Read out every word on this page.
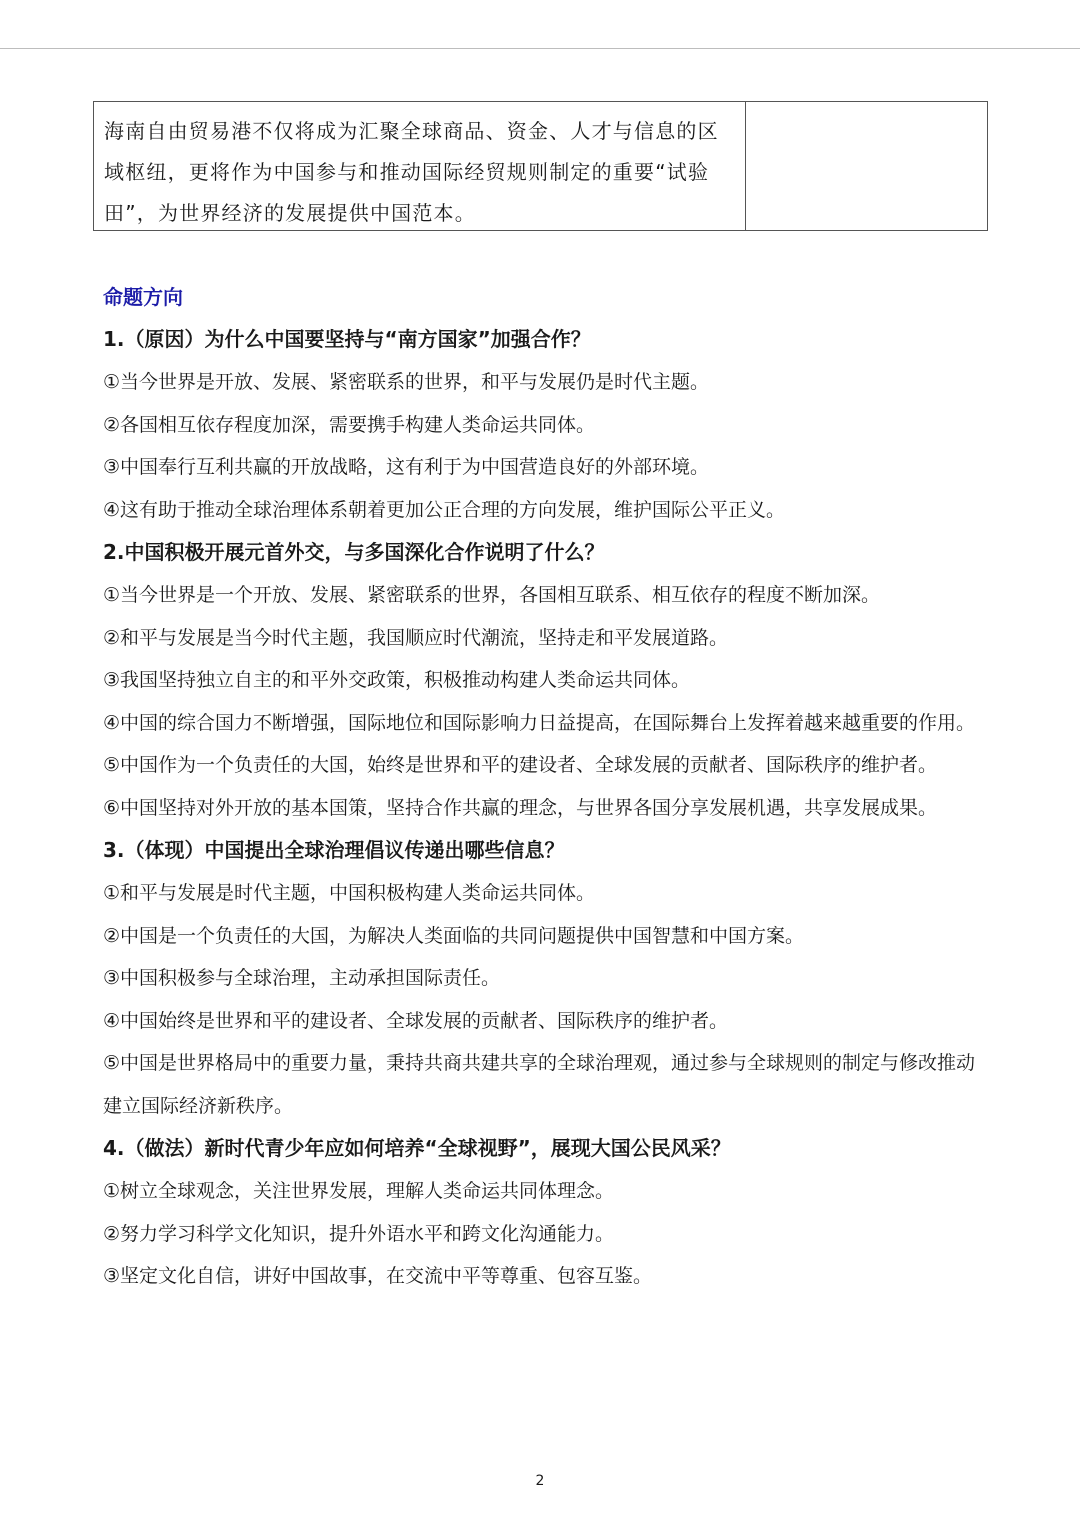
海南自由贸易港不仅将成为汇聚全球商品、资金、人才与信息的区域枢纽，更将作为中国参与和推动国际经贸规则制定的重要“试验田”，为世界经济的发展提供中国范本。
命题方向
1.（原因）为什么中国要坚持与“南方国家”加强合作？
①当今世界是开放、发展、紧密联系的世界，和平与发展仍是时代主题。
②各国相互依存程度加深，需要携手构建人类命运共同体。
③中国奉行互利共赢的开放战略，这有利于为中国营造良好的外部环境。
④这有助于推动全球治理体系朝着更加公正合理的方向发展，维护国际公平正义。
2.中国积极开展元首外交，与多国深化合作说明了什么？
①当今世界是一个开放、发展、紧密联系的世界，各国相互联系、相互依存的程度不断加深。
②和平与发展是当今时代主题，我国顺应时代潮流，坚持走和平发展道路。
③我国坚持独立自主的和平外交政策，积极推动构建人类命运共同体。
④中国的综合国力不断增强，国际地位和国际影响力日益提高，在国际舞台上发挥着越来越重要的作用。
⑤中国作为一个负责任的大国，始终是世界和平的建设者、全球发展的贡献者、国际秩序的维护者。
⑥中国坚持对外开放的基本国策，坚持合作共赢的理念，与世界各国分享发展机遇，共享发展成果。
3.（体现）中国提出全球治理倡议传递出哪些信息？
①和平与发展是时代主题，中国积极构建人类命运共同体。
②中国是一个负责任的大国，为解决人类面临的共同问题提供中国智慧和中国方案。
③中国积极参与全球治理，主动承担国际责任。
④中国始终是世界和平的建设者、全球发展的贡献者、国际秩序的维护者。
⑤中国是世界格局中的重要力量，秉持共商共建共享的全球治理观，通过参与全球规则的制定与修改推动建立国际经济新秩序。
4.（做法）新时代青少年应如何培养“全球视野”，展现大国公民风采？
①树立全球观念，关注世界发展，理解人类命运共同体理念。
②努力学习科学文化知识，提升外语水平和跨文化沟通能力。
③坚定文化自信，讲好中国故事，在交流中平等尊重、包容互鉴。
2
